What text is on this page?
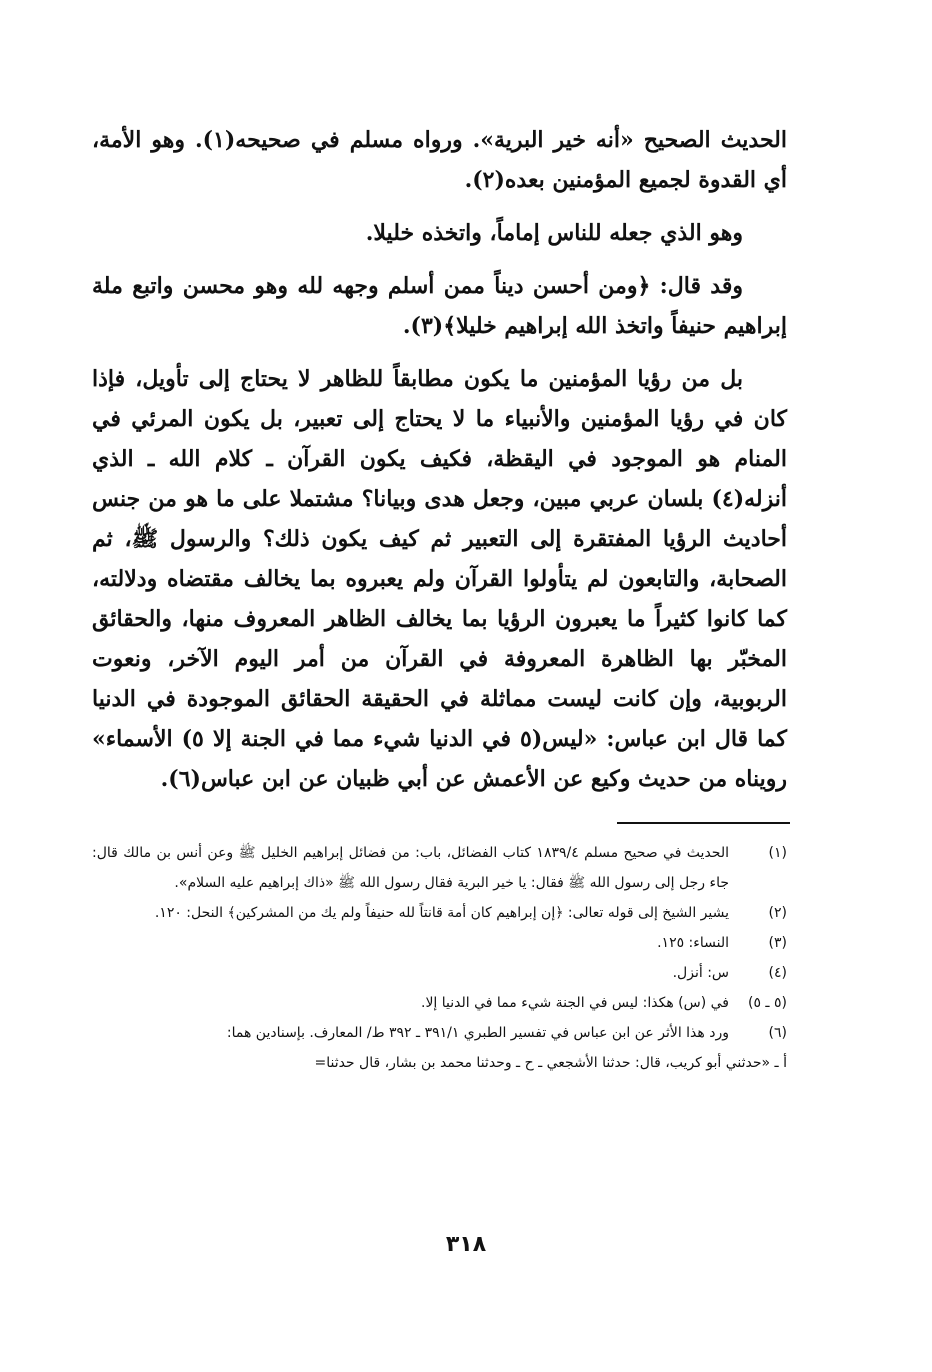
الحديث الصحيح «أنه خير البرية». ورواه مسلم في صحيحه(١). وهو الأمة، أي القدوة لجميع المؤمنين بعده(٢).

وهو الذي جعله للناس إماماً، واتخذه خليلا.

وقد قال: ﴿ومن أحسن ديناً ممن أسلم وجهه لله وهو محسن واتبع ملة إبراهيم حنيفاً واتخذ الله إبراهيم خليلا﴾(٣).

بل من رؤيا المؤمنين ما يكون مطابقاً للظاهر لا يحتاج إلى تأويل، فإذا كان في رؤيا المؤمنين والأنبياء ما لا يحتاج إلى تعبير، بل يكون المرئي في المنام هو الموجود في اليقظة، فكيف يكون القرآن ـ كلام الله ـ الذي أنزله(٤) بلسان عربي مبين، وجعل هدى وبيانا؟ مشتملا على ما هو من جنس أحاديث الرؤيا المفتقرة إلى التعبير ثم كيف يكون ذلك؟ والرسول ﷺ، ثم الصحابة، والتابعون لم يتأولوا القرآن ولم يعبروه بما يخالف مقتضاه ودلالته، كما كانوا كثيراً ما يعبرون الرؤيا بما يخالف الظاهر المعروف منها، والحقائق المخبّر بها الظاهرة المعروفة في القرآن من أمر اليوم الآخر، ونعوت الربوبية، وإن كانت ليست مماثلة في الحقيقة الحقائق الموجودة في الدنيا كما قال ابن عباس: «ليس(٥ في الدنيا شيء مما في الجنة إلا ٥) الأسماء» رويناه من حديث وكيع عن الأعمش عن أبي ظبيان عن ابن عباس(٦).

(١)
الحديث في صحيح مسلم ١٨٣٩/٤ كتاب الفضائل، باب: من فضائل إبراهيم الخليل ﷺ وعن أنس بن مالك قال: جاء رجل إلى رسول الله ﷺ فقال: يا خير البرية فقال رسول الله ﷺ «ذاك إبراهيم عليه السلام».
(٢)
يشير الشيخ إلى قوله تعالى: ﴿إن إبراهيم كان أمة قانتاً لله حنيفاً ولم يك من المشركين﴾ النحل: ١٢٠.
(٣)
النساء: ١٢٥.
(٤)
س: أنزل.
(٥ ـ ٥)
في (س) هكذا: ليس في الجنة شيء مما في الدنيا إلا.
(٦)
ورد هذا الأثر عن ابن عباس في تفسير الطبري ٣٩١/١ ـ ٣٩٢ ط/ المعارف. بإسنادين هما:

أ ـ «حدثني أبو كريب، قال: حدثنا الأشجعي ـ ح ـ وحدثنا محمد بن بشار، قال حدثنا=

٣١٨
